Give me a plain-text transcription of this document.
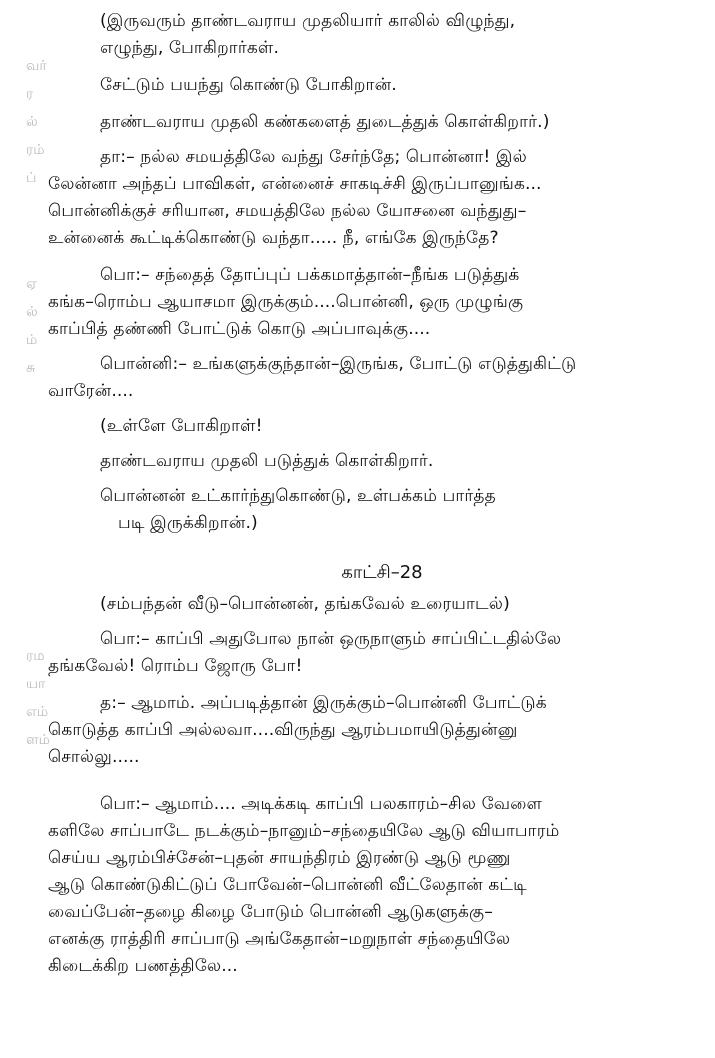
வர்
ர
ல்
ரம்
ப்
ஏ
ல்
ம்
சு
ரம
யா
எம்
ளம்
(இருவரும் தாண்டவராய முதலியார் காலில் விழுந்து,
எழுந்து, போகிறார்கள்.
சேட்டும் பயந்து கொண்டு போகிறான்.
தாண்டவராய முதலி கண்களைத் துடைத்துக் கொள்கிறார்.)
தா:– நல்ல சமயத்திலே வந்து சேர்ந்தே; பொன்னா! இல்
லேன்னா அந்தப் பாவிகள், என்னைச் சாகடிச்சி இருப்பானுங்க...
பொன்னிக்குச் சரியான, சமயத்திலே நல்ல யோசனை வந்துது–
உன்னைக் கூட்டிக்கொண்டு வந்தா..... நீ, எங்கே இருந்தே?
பொ:– சந்தைத் தோப்புப் பக்கமாத்தான்–நீங்க படுத்துக்
கங்க–ரொம்ப ஆயாசமா இருக்கும்....பொன்னி, ஒரு முழுங்கு
காப்பித் தண்ணி போட்டுக் கொடு அப்பாவுக்கு....
பொன்னி:– உங்களுக்குந்தான்–இருங்க, போட்டு எடுத்துகிட்டு
வாரேன்....
(உள்ளே போகிறாள்!
தாண்டவராய முதலி படுத்துக் கொள்கிறார்.
பொன்னன் உட்கார்ந்துகொண்டு, உள்பக்கம் பார்த்த
படி இருக்கிறான்.)
காட்சி–28
(சம்பந்தன் வீடு–பொன்னன், தங்கவேல் உரையாடல்)
பொ:– காப்பி அதுபோல நான் ஒருநாளும் சாப்பிட்டதில்லே
தங்கவேல்! ரொம்ப ஜோரு போ!
த:– ஆமாம். அப்படித்தான் இருக்கும்–பொன்னி போட்டுக்
கொடுத்த காப்பி அல்லவா....விருந்து ஆரம்பமாயிடுத்துன்னு
சொல்லு.....
பொ:– ஆமாம்.... அடிக்கடி காப்பி பலகாரம்–சில வேளை
களிலே சாப்பாடே நடக்கும்–நானும்–சந்தையிலே ஆடு வியாபாரம்
செய்ய ஆரம்பிச்சேன்–புதன் சாயந்திரம் இரண்டு ஆடு மூணு
ஆடு கொண்டுகிட்டுப் போவேன்–பொன்னி வீட்லேதான் கட்டி
வைப்பேன்–தழை கிழை போடும் பொன்னி ஆடுகளுக்கு–
எனக்கு ராத்திரி சாப்பாடு அங்கேதான்–மறுநாள் சந்தையிலே
கிடைக்கிற பணத்திலே...
